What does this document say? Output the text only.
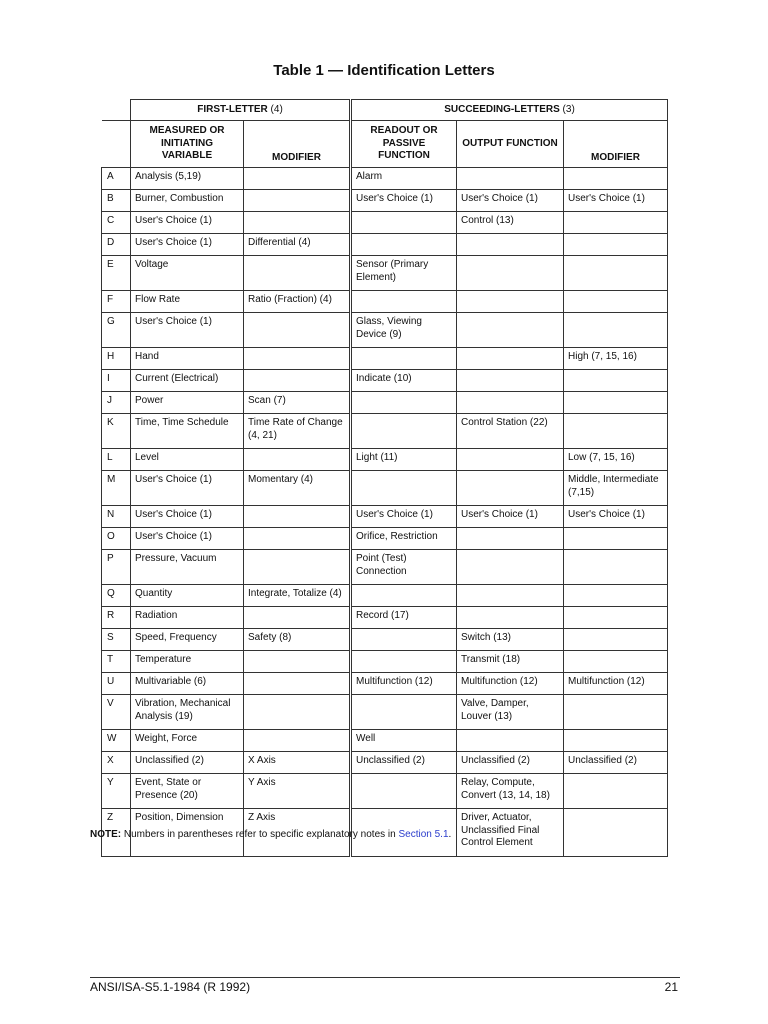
Table 1 — Identification Letters
	FIRST-LETTER (4)		SUCCEEDING-LETTERS (3)		
	MEASURED OR INITIATING VARIABLE	MODIFIER	READOUT OR PASSIVE FUNCTION	OUTPUT FUNCTION	MODIFIER
A	Analysis (5,19)		Alarm		
B	Burner, Combustion		User's Choice (1)	User's Choice (1)	User's Choice (1)
C	User's Choice (1)			Control (13)	
D	User's Choice (1)	Differential (4)			
E	Voltage		Sensor (Primary Element)		
F	Flow Rate	Ratio (Fraction) (4)			
G	User's Choice (1)		Glass, Viewing Device (9)		
H	Hand				High (7, 15, 16)
I	Current (Electrical)		Indicate (10)		
J	Power	Scan (7)			
K	Time, Time Schedule	Time Rate of Change (4, 21)		Control Station (22)	
L	Level		Light (11)		Low (7, 15, 16)
M	User's Choice (1)	Momentary (4)			Middle, Intermediate (7,15)
N	User's Choice (1)		User's Choice (1)	User's Choice (1)	User's Choice (1)
O	User's Choice (1)		Orifice, Restriction		
P	Pressure, Vacuum		Point (Test) Connection		
Q	Quantity	Integrate, Totalize (4)			
R	Radiation		Record (17)		
S	Speed, Frequency	Safety (8)		Switch (13)	
T	Temperature			Transmit (18)	
U	Multivariable (6)		Multifunction (12)	Multifunction (12)	Multifunction (12)
V	Vibration, Mechanical Analysis (19)			Valve, Damper, Louver (13)	
W	Weight, Force		Well		
X	Unclassified (2)	X Axis	Unclassified (2)	Unclassified (2)	Unclassified (2)
Y	Event, State or Presence (20)	Y Axis		Relay, Compute, Convert (13, 14, 18)	
Z	Position, Dimension	Z Axis		Driver, Actuator, Unclassified Final Control Element	
NOTE: Numbers in parentheses refer to specific explanatory notes in Section 5.1.
ANSI/ISA-S5.1-1984 (R 1992)	21
